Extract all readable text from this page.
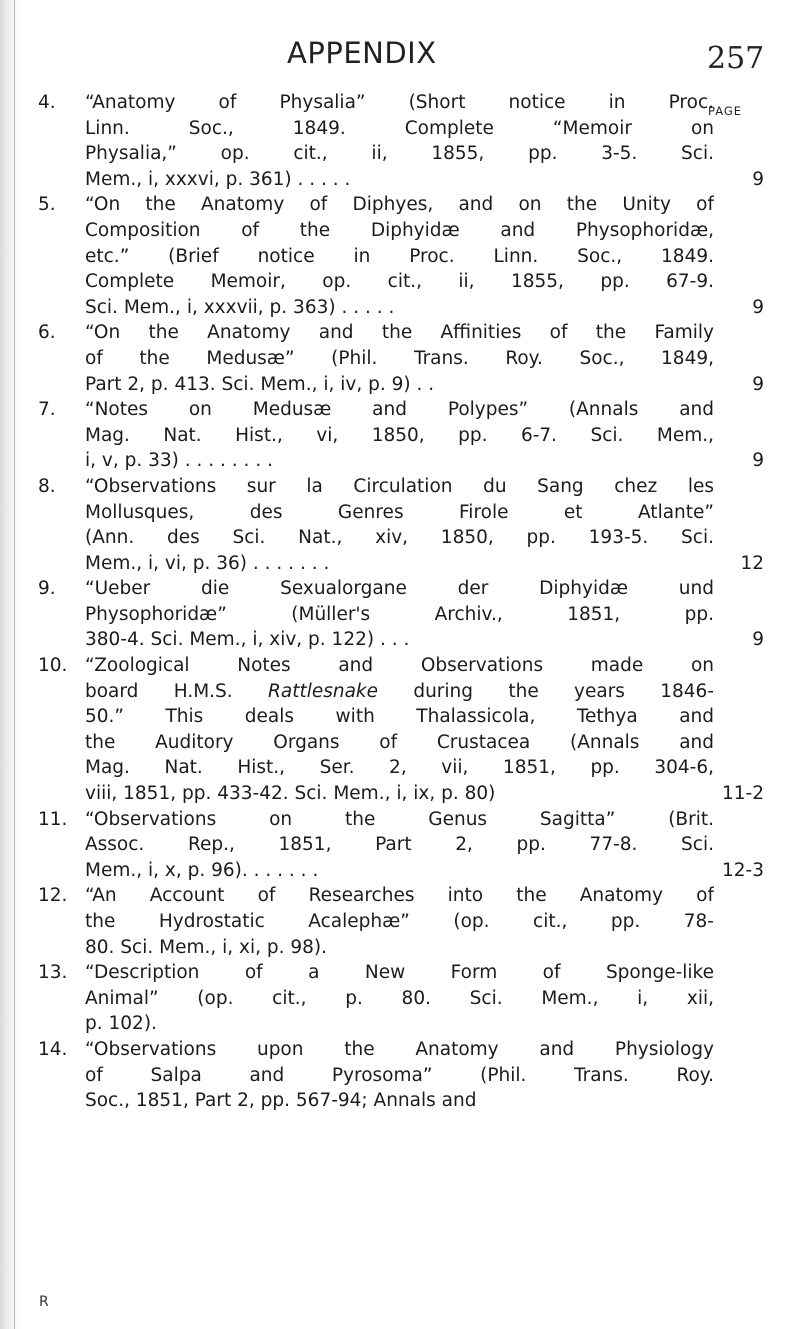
APPENDIX	257
PAGE
4. “Anatomy of Physalia” (Short notice in Proc.
Linn. Soc., 1849. Complete “Memoir on
Physalia,” op. cit., ii, 1855, pp. 3-5. Sci.
Mem., i, xxxvi, p. 361) . . . . .	9
5. “On the Anatomy of Diphyes, and on the Unity of
Composition of the Diphyidæ and Physophoridæ,
etc.” (Brief notice in Proc. Linn. Soc., 1849.
Complete Memoir, op. cit., ii, 1855, pp. 67-9.
Sci. Mem., i, xxxvii, p. 363) . . . . .	9
6. “On the Anatomy and the Affinities of the Family
of the Medusæ” (Phil. Trans. Roy. Soc., 1849,
Part 2, p. 413. Sci. Mem., i, iv, p. 9) . .	9
7. “Notes on Medusæ and Polypes” (Annals and
Mag. Nat. Hist., vi, 1850, pp. 6-7. Sci. Mem.,
i, v, p. 33) . . . . . . . .	9
8. “Observations sur la Circulation du Sang chez les
Mollusques, des Genres Firole et Atlante”
(Ann. des Sci. Nat., xiv, 1850, pp. 193-5. Sci.
Mem., i, vi, p. 36) . . . . . . .	12
9. “Ueber die Sexualorgane der Diphyidæ und
Physophoridæ” (Müller's Archiv., 1851, pp.
380-4. Sci. Mem., i, xiv, p. 122) . . .	9
10. “Zoological Notes and Observations made on
board H.M.S. Rattlesnake during the years 1846-
50.” This deals with Thalassicola, Tethya and
the Auditory Organs of Crustacea (Annals and
Mag. Nat. Hist., Ser. 2, vii, 1851, pp. 304-6,
viii, 1851, pp. 433-42. Sci. Mem., i, ix, p. 80)	11-2
11. “Observations on the Genus Sagitta” (Brit.
Assoc. Rep., 1851, Part 2, pp. 77-8. Sci.
Mem., i, x, p. 96). . . . . . .	12-3
12. “An Account of Researches into the Anatomy of
the Hydrostatic Acalephæ” (op. cit., pp. 78-
80. Sci. Mem., i, xi, p. 98).
13. “Description of a New Form of Sponge-like
Animal” (op. cit., p. 80. Sci. Mem., i, xii,
p. 102).
14. “Observations upon the Anatomy and Physiology
of Salpa and Pyrosoma” (Phil. Trans. Roy.
Soc., 1851, Part 2, pp. 567-94; Annals and
R
